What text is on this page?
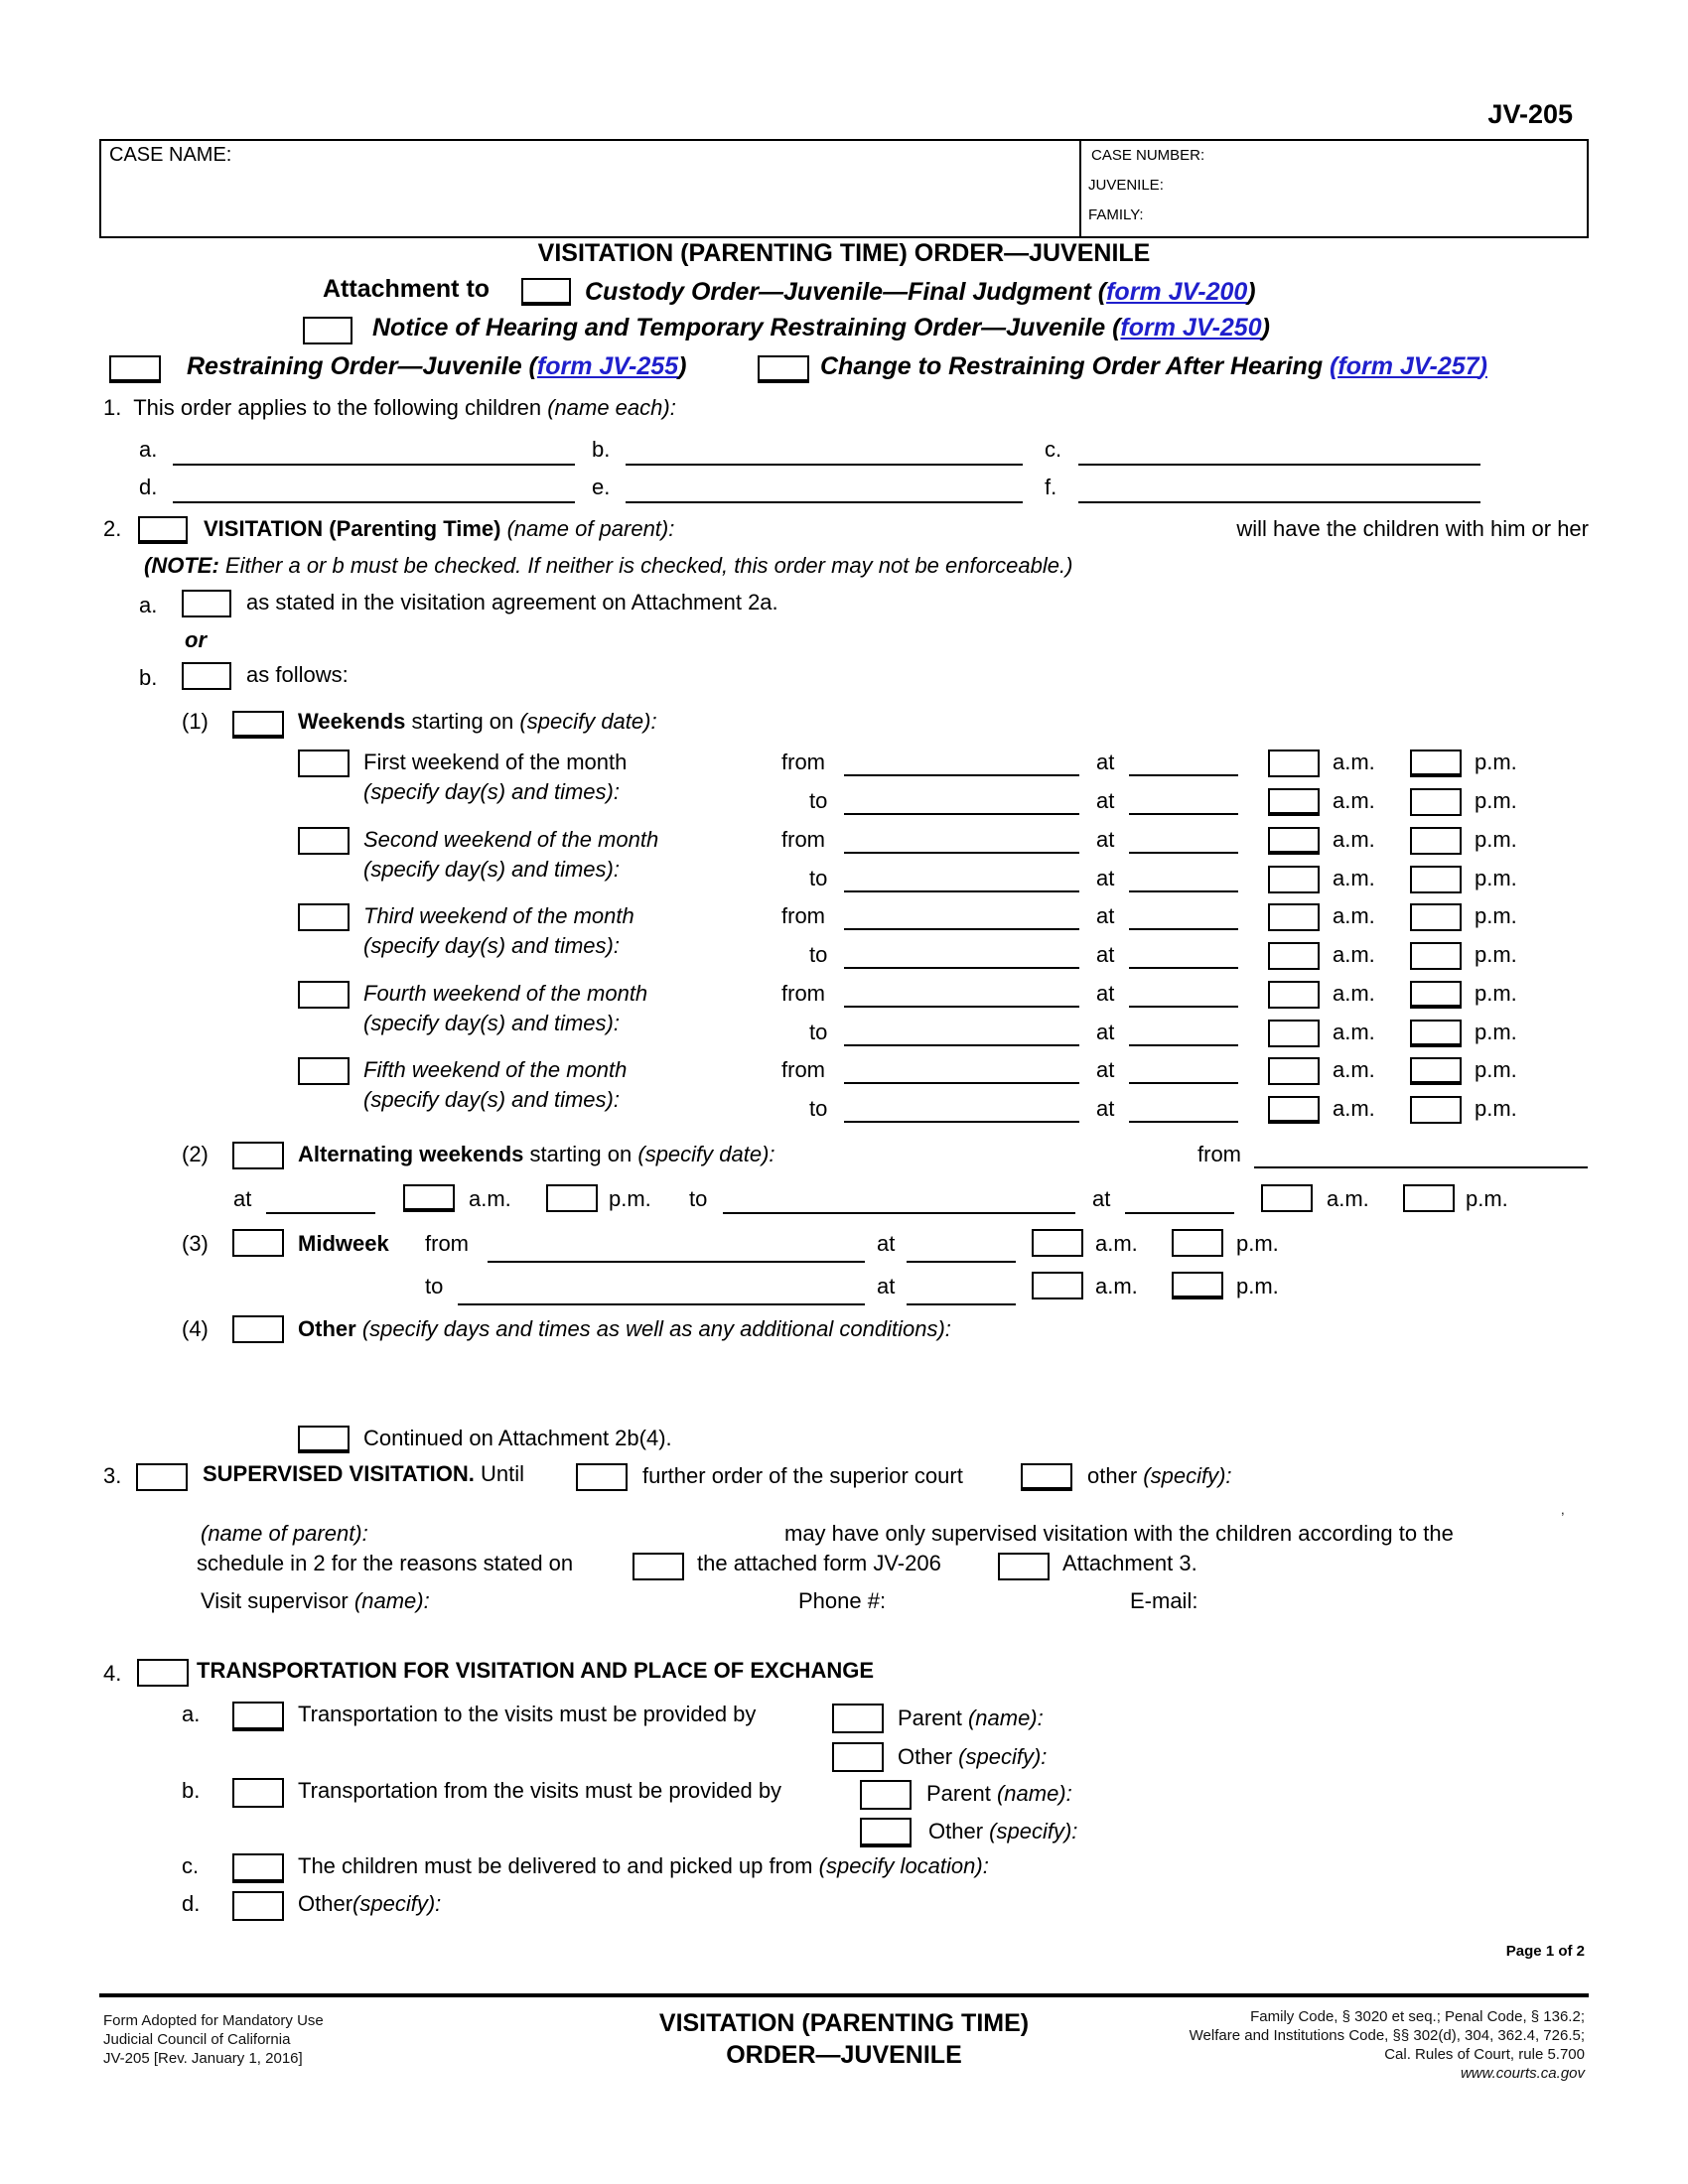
JV-205
CASE NAME:	CASE NUMBER:
JUVENILE:
FAMILY:
VISITATION (PARENTING TIME) ORDER—JUVENILE
Attachment to	Custody Order—Juvenile—Final Judgment (form JV-200)
Notice of Hearing and Temporary Restraining Order—Juvenile (form JV-250)
Restraining Order—Juvenile (form JV-255)	Change to Restraining Order After Hearing (form JV-257)
1. This order applies to the following children (name each):
a.	b.	c.
d.	e.	f.
2.	VISITATION (Parenting Time) (name of parent):	will have the children with him or her
(NOTE: Either a or b must be checked. If neither is checked, this order may not be enforceable.)
a.	as stated in the visitation agreement on Attachment 2a.
or
b.	as follows:
(1)	Weekends starting on (specify date):
First weekend of the month
(specify day(s) and times):
from	at	a.m.	p.m.
to	at	a.m.	p.m.
Second weekend of the month
(specify day(s) and times):
from	at	a.m.	p.m.
to	at	a.m.	p.m.
Third weekend of the month
(specify day(s) and times):
from	at	a.m.	p.m.
to	at	a.m.	p.m.
Fourth weekend of the month
(specify day(s) and times):
from	at	a.m.	p.m.
to	at	a.m.	p.m.
Fifth weekend of the month
(specify day(s) and times):
from	at	a.m.	p.m.
to	at	a.m.	p.m.
(2)	Alternating weekends starting on (specify date):	from
at	a.m.	p.m. to	at	a.m.	p.m.
(3)	Midweek from	at	a.m.	p.m.
to	at	a.m.	p.m.
(4)	Other (specify days and times as well as any additional conditions):
Continued on Attachment 2b(4).
3.	SUPERVISED VISITATION. Until	further order of the superior court	other (specify):
,
(name of parent):	may have only supervised visitation with the children according to the
schedule in 2 for the reasons stated on	the attached form JV-206	Attachment 3.
Visit supervisor (name):	Phone #:	E-mail:
4.	TRANSPORTATION FOR VISITATION AND PLACE OF EXCHANGE
a.	Transportation to the visits must be provided by	Parent (name):
Other (specify):
b.	Transportation from the visits must be provided by	Parent (name):
Other (specify):
c.	The children must be delivered to and picked up from (specify location):
d.	Other(specify):
Page 1 of 2
Form Adopted for Mandatory Use
Judicial Council of California
JV-205 [Rev. January 1, 2016]
VISITATION (PARENTING TIME)
ORDER—JUVENILE
Family Code, § 3020 et seq.; Penal Code, § 136.2;
Welfare and Institutions Code, §§ 302(d), 304, 362.4, 726.5;
Cal. Rules of Court, rule 5.700
www.courts.ca.gov
